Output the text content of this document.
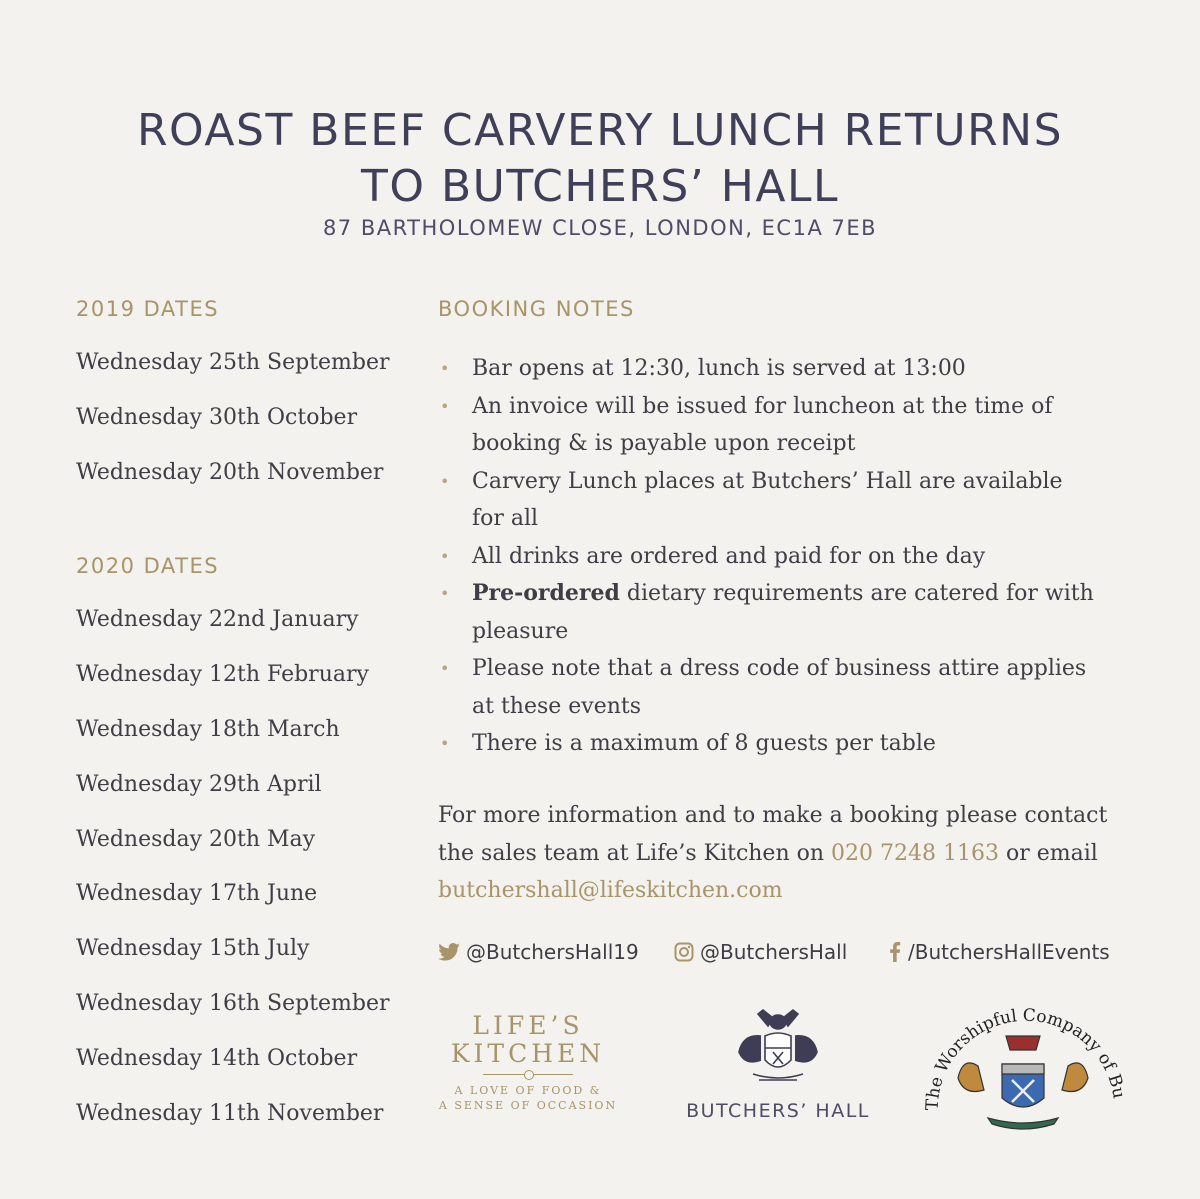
ROAST BEEF CARVERY LUNCH RETURNS
TO BUTCHERS’ HALL
87 BARTHOLOMEW CLOSE, LONDON, EC1A 7EB
2019 DATES
Wednesday 25th September
Wednesday 30th October
Wednesday 20th November
2020 DATES
Wednesday 22nd January
Wednesday 12th February
Wednesday 18th March
Wednesday 29th April
Wednesday 20th May
Wednesday 17th June
Wednesday 15th July
Wednesday 16th September
Wednesday 14th October
Wednesday 11th November
BOOKING NOTES
• Bar opens at 12:30, lunch is served at 13:00
• An invoice will be issued for luncheon at the time of booking & is payable upon receipt
• Carvery Lunch places at Butchers’ Hall are available for all
• All drinks are ordered and paid for on the day
• Pre-ordered dietary requirements are catered for with pleasure
• Please note that a dress code of business attire applies at these events
• There is a maximum of 8 guests per table
For more information and to make a booking please contact the sales team at Life’s Kitchen on 020 7248 1163 or email butchershall@lifeskitchen.com
@ButchersHall19	@ButchersHall	/ButchersHallEvents
LIFE’S
KITCHEN
A LOVE OF FOOD &
A SENSE OF OCCASION	BUTCHERS’ HALL	The Worshipful Company of Bu
